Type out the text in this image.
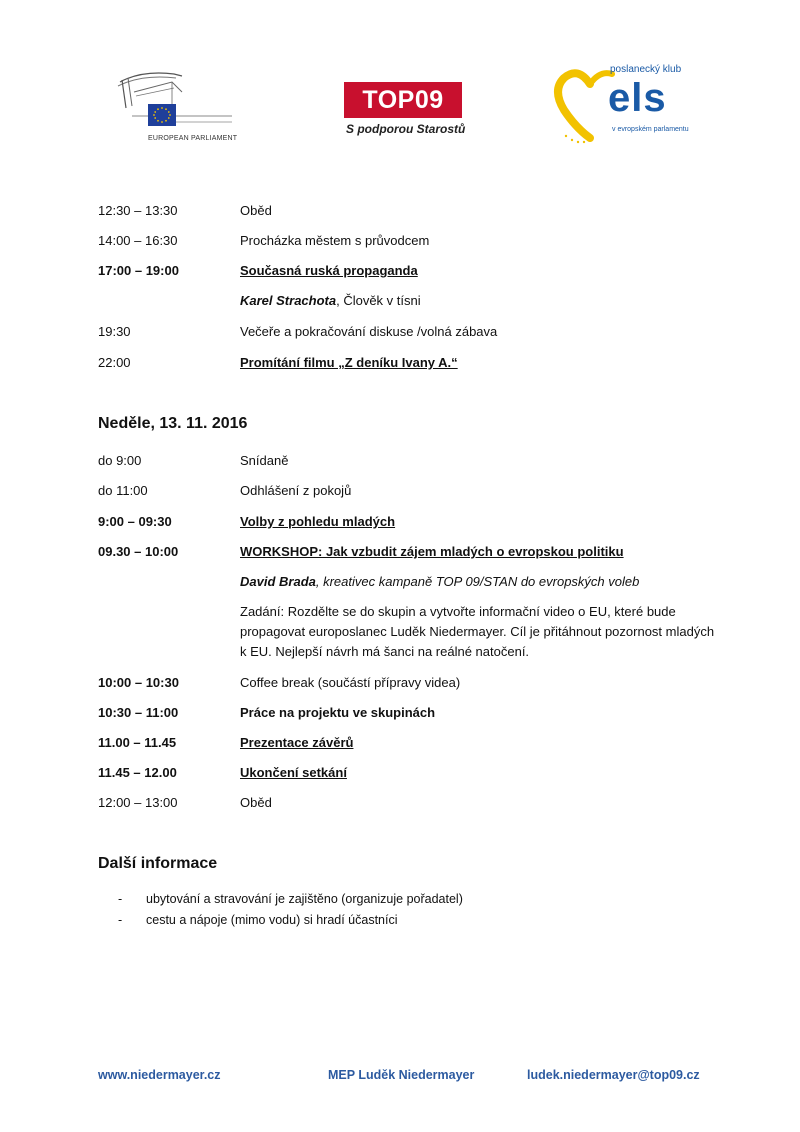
EUROPEAN PARLIAMENT
TOP09
S podporou Starostů
poslanecký klub
els
v evropském parlamentu
12:30 – 13:30	Oběd
14:00 – 16:30	Procházka městem s průvodcem
17:00 – 19:00	Současná ruská propaganda
Karel Strachota, Člověk v tísni
19:30	Večeře a pokračování diskuse /volná zábava
22:00	Promítání filmu „Z deníku Ivany A.“
Neděle, 13. 11. 2016
do 9:00	Snídaně
do 11:00	Odhlášení z pokojů
9:00 – 09:30	Volby z pohledu mladých
09.30 – 10:00	WORKSHOP: Jak vzbudit zájem mladých o evropskou politiku
David Brada, kreativec kampaně TOP 09/STAN do evropských voleb
Zadání: Rozdělte se do skupin a vytvořte informační video o EU, které bude propagovat europoslanec Luděk Niedermayer. Cíl je přitáhnout pozornost mladých k EU. Nejlepší návrh má šanci na reálné natočení.
10:00 – 10:30	Coffee break (součástí přípravy videa)
10:30 – 11:00	Práce na projektu ve skupinách
11.00 – 11.45	Prezentace závěrů
11.45 – 12.00	Ukončení setkání
12:00 – 13:00	Oběd
Další informace
- ubytování a stravování je zajištěno (organizuje pořadatel)
- cestu a nápoje (mimo vodu) si hradí účastníci
www.niedermayer.cz	MEP Luděk Niedermayer	ludek.niedermayer@top09.cz
